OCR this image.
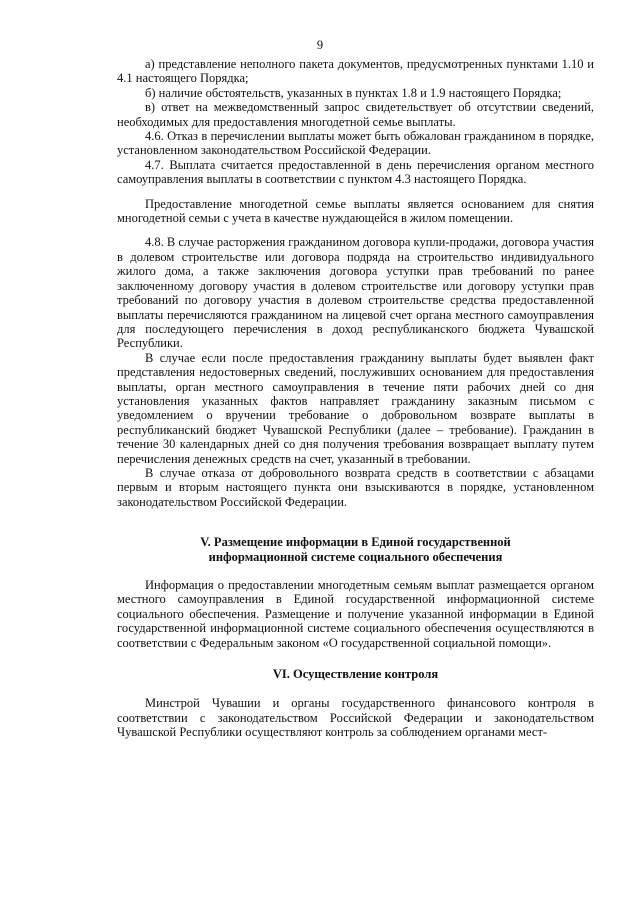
9

а) представление неполного пакета документов, предусмотренных пунктами 1.10 и 4.1 настоящего Порядка;

б) наличие обстоятельств, указанных в пунктах 1.8 и 1.9 настоящего Порядка;

в) ответ на межведомственный запрос свидетельствует об отсутствии сведений, необходимых для предоставления многодетной семье выплаты.

4.6. Отказ в перечислении выплаты может быть обжалован гражданином в порядке, установленном законодательством Российской Федерации.

4.7. Выплата считается предоставленной в день перечисления органом местного самоуправления выплаты в соответствии с пунктом 4.3 настоящего Порядка.

Предоставление многодетной семье выплаты является основанием для снятия многодетной семьи с учета в качестве нуждающейся в жилом помещении.

4.8. В случае расторжения гражданином договора купли-продажи, договора участия в долевом строительстве или договора подряда на строительство индивидуального жилого дома, а также заключения договора уступки прав требований по ранее заключенному договору участия в долевом строительстве или договору уступки прав требований по договору участия в долевом строительстве средства предоставленной выплаты перечисляются гражданином на лицевой счет органа местного самоуправления для последующего перечисления в доход республиканского бюджета Чувашской Республики.

В случае если после предоставления гражданину выплаты будет выявлен факт представления недостоверных сведений, послуживших основанием для предоставления выплаты, орган местного самоуправления в течение пяти рабочих дней со дня установления указанных фактов направляет гражданину заказным письмом с уведомлением о вручении требование о добровольном возврате выплаты в республиканский бюджет Чувашской Республики (далее – требование). Гражданин в течение 30 календарных дней со дня получения требования возвращает выплату путем перечисления денежных средств на счет, указанный в требовании.

В случае отказа от добровольного возврата средств в соответствии с абзацами первым и вторым настоящего пункта они взыскиваются в порядке, установленном законодательством Российской Федерации.

V. Размещение информации в Единой государственной
информационной системе социального обеспечения

Информация о предоставлении многодетным семьям выплат размещается органом местного самоуправления в Единой государственной информационной системе социального обеспечения. Размещение и получение указанной информации в Единой государственной информационной системе социального обеспечения осуществляются в соответствии с Федеральным законом «О государственной социальной помощи».

VI. Осуществление контроля

Минстрой Чувашии и органы государственного финансового контроля в соответствии с законодательством Российской Федерации и законодательством Чувашской Республики осуществляют контроль за соблюдением органами мест-
